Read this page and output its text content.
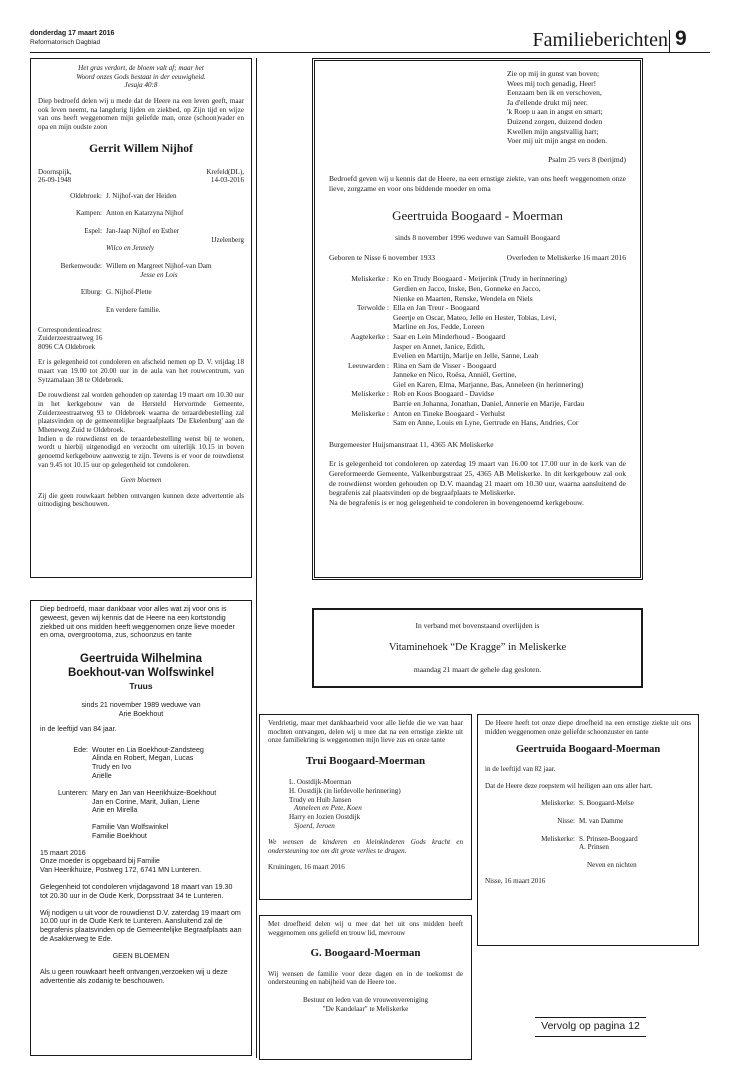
donderdag 17 maart 2016
Reformatorisch Dagblad	Familieberichten 9
Het gras verdort, de bloem valt af; maar het
Woord onzes Gods bestaat in der eeuwigheid.
Jesaja 40:8
Diep bedroefd delen wij u mede dat de Heere na een leven geeft, maar ook leven neemt, na langdurig lijden en ziekbed, op Zijn tijd en wijze van ons heeft weggenomen mijn geliefde man, onze (schoon)vader en opa en mijn oudste zoon
Gerrit Willem Nijhof
Doornspijk,
26-09-1948
Krefeld(DL),
14-03-2016
Oldebroek: J. Nijhof-van der Heiden
Kampen: Anton en Katarzyna Nijhof
Espel: Jan-Jaap Nijhof en Esther
IJzelenberg
Wilco en Jennely
Berkenwoude: Willem en Margreet Nijhof-van Dam
Jesse en Lois
Elburg: G. Nijhof-Plette
En verdere familie.
Correspondentieadres:
Zuiderzeestraatweg 16
8096 CA Oldebroek
Er is gelegenheid tot condoleren en afscheid nemen op D. V. vrijdag 18 maart van 19.00 tot 20.00 uur in de aula van het rouwcentrum, van Sytzamalaan 38 te Oldebroek.
De rouwdienst zal worden gehouden op zaterdag 19 maart om 10.30 uur in het kerkgebouw van de Hersteld Hervormde Gemeente, Zuiderzeestraatweg 93 te Oldebroek waarna de teraardebestelling zal plaatsvinden op de gemeentelijke begraafplaats 'De Ekelenburg' aan de Mheneweg Zuid te Oldebroek.
Indien u de rouwdienst en de teraardebestelling wenst bij te wonen, wordt u hierbij uitgenodigd en verzocht om uiterlijk 10.15 in boven genoemd kerkgebouw aanwezig te zijn. Tevens is er voor de rouwdienst van 9.45 tot 10.15 uur op gelegenheid tot condoleren.
Geen bloemen
Zij die geen rouwkaart hebben ontvangen kunnen deze advertentie als uitnodiging beschouwen.
Zie op mij in gunst van boven;
Wees mij toch genadig, Heer!
Eenzaam ben ik en verschoven,
Ja d'ellende drukt mij neer.
'k Roep u aan in angst en smart;
Duizend zorgen, duizend doden
Kwellen mijn angstvallig hart;
Voer mij uit mijn angst en noden.
Psalm 25 vers 8 (berijmd)
Bedroefd geven wij u kennis dat de Heere, na een ernstige ziekte, van ons heeft weggenomen onze lieve, zorgzame en voor ons biddende moeder en oma
Geertruida Boogaard - Moerman
sinds 8 november 1996 weduwe van Samuël Boogaard
Geboren te Nisse 6 november 1933	Overleden te Meliskerke 16 maart 2016
Meliskerke : Ko en Trudy Boogaard - Meijerink (Trudy in herinnering)
Gerdien en Jacco, Inske, Ben, Gonneke en Jacco,
Nienke en Maarten, Renske, Wendela en Niels
Terwolde : Ella en Jan Treur - Boogaard
Geertje en Oscar, Mateo, Jelle en Hester, Tobias, Levi,
Marline en Jos, Fedde, Loreen
Aagtekerke : Saar en Lein Minderhoud - Boogaard
Jasper en Annet, Janice, Edith,
Evelien en Martijn, Marije en Jelle, Sanne, Leah
Leeuwarden : Rina en Sam de Visser - Boogaard
Janneke en Nico, Roësa, Anniël, Gertine,
Giel en Karen, Elma, Marjanne, Bas, Anneleen (in herinnering)
Meliskerke : Rob en Koos Boogaard - Davidse
Barrie en Johanna, Jonathan, Daniel, Annerie en Marije, Fardau
Meliskerke : Anton en Tineke Boogaard - Verhulst
Sam en Anne, Louis en Lyne, Gertrude en Hans, Andries, Cor
Burgemeester Huijsmanstraat 11, 4365 AK Meliskerke
Er is gelegenheid tot condoleren op zaterdag 19 maart van 16.00 tot 17.00 uur in de kerk van de Gereformeerde Gemeente, Valkenburgstraat 25, 4365 AB Meliskerke. In dit kerkgebouw zal ook de rouwdienst worden gehouden op D.V. maandag 21 maart om 10.30 uur, waarna aansluitend de begrafenis zal plaatsvinden op de begraafplaats te Meliskerke.
Na de begrafenis is er nog gelegenheid te condoleren in bovengenoemd kerkgebouw.
In verband met bovenstaand overlijden is
Vitaminehoek “De Kragge” in Meliskerke
maandag 21 maart de gehele dag gesloten.
Diep bedroefd, maar dankbaar voor alles wat zij voor ons is geweest, geven wij kennis dat de Heere na een kortstondig ziekbed uit ons midden heeft weggenomen onze lieve moeder en oma, overgrootoma, zus, schoonzus en tante
Geertruida Wilhelmina
Boekhout-van Wolfswinkel
Truus
sinds 21 november 1989 weduwe van
Arie Boekhout
in de leeftijd van 84 jaar.
Ede: Wouter en Lia Boekhout-Zandsteeg
Alinda en Robert, Megan, Lucas
Trudy en Ivo
Ariëlle
Lunteren: Mary en Jan van Heerikhuize-Boekhout
Jan en Corine, Marit, Julian, Liene
Arie en Mirella
Familie Van Wolfswinkel
Familie Boekhout
15 maart 2016
Onze moeder is opgebaard bij Familie
Van Heerikhuize, Postweg 172, 6741 MN Lunteren.
Gelegenheid tot condoleren vrijdagavond 18 maart van 19.30 tot 20.30 uur in de Oude Kerk, Dorpsstraat 34 te Lunteren.
Wij nodigen u uit voor de rouwdienst D.V. zaterdag 19 maart om 10.00 uur in de Oude Kerk te Lunteren. Aansluitend zal de begrafenis plaatsvinden op de Gemeentelijke Begraafplaats aan de Asakkerweg te Ede.
GEEN BLOEMEN
Als u geen rouwkaart heeft ontvangen,verzoeken wij u deze advertentie als zodanig te beschouwen.
Verdrietig, maar met dankbaarheid voor alle liefde die we van haar mochten ontvangen, delen wij u mee dat na een ernstige ziekte uit onze familiekring is weggenomen mijn lieve zus en onze tante
Trui Boogaard-Moerman
L. Oostdijk-Moerman
H. Oostdijk (in liefdevolle herinnering)
Trudy en Huib Jansen
Anneleen en Pete, Koen
Harry en Jozien Oostdijk
Sjoerd, Jeroen
We wensen de kinderen en kleinkinderen Gods kracht en ondersteuning toe om dit grote verlies te dragen.
Kruiningen, 16 maart 2016
De Heere heeft tot onze diepe droefheid na een ernstige ziekte uit ons midden weggenomen onze geliefde schoonzuster en tante
Geertruida Boogaard-Moerman
in de leeftijd van 82 jaar.
Dat de Heere deze roepstem wil heiligen aan ons aller hart.
Meliskerke: S. Boogaard-Melse
Nisse: M. van Damme
Meliskerke: S. Prinsen-Boogaard
A. Prinsen
Neven en nichten
Nisse, 16 maart 2016
Met droefheid delen wij u mee dat het uit ons midden heeft weggenomen ons geliefd en trouw lid, mevrouw
G. Boogaard-Moerman
Wij wensen de familie voor deze dagen en in de toekomst de ondersteuning en nabijheid van de Heere toe.
Bestuur en leden van de vrouwenvereniging
"De Kandelaar" te Meliskerke
Vervolg op pagina 12
